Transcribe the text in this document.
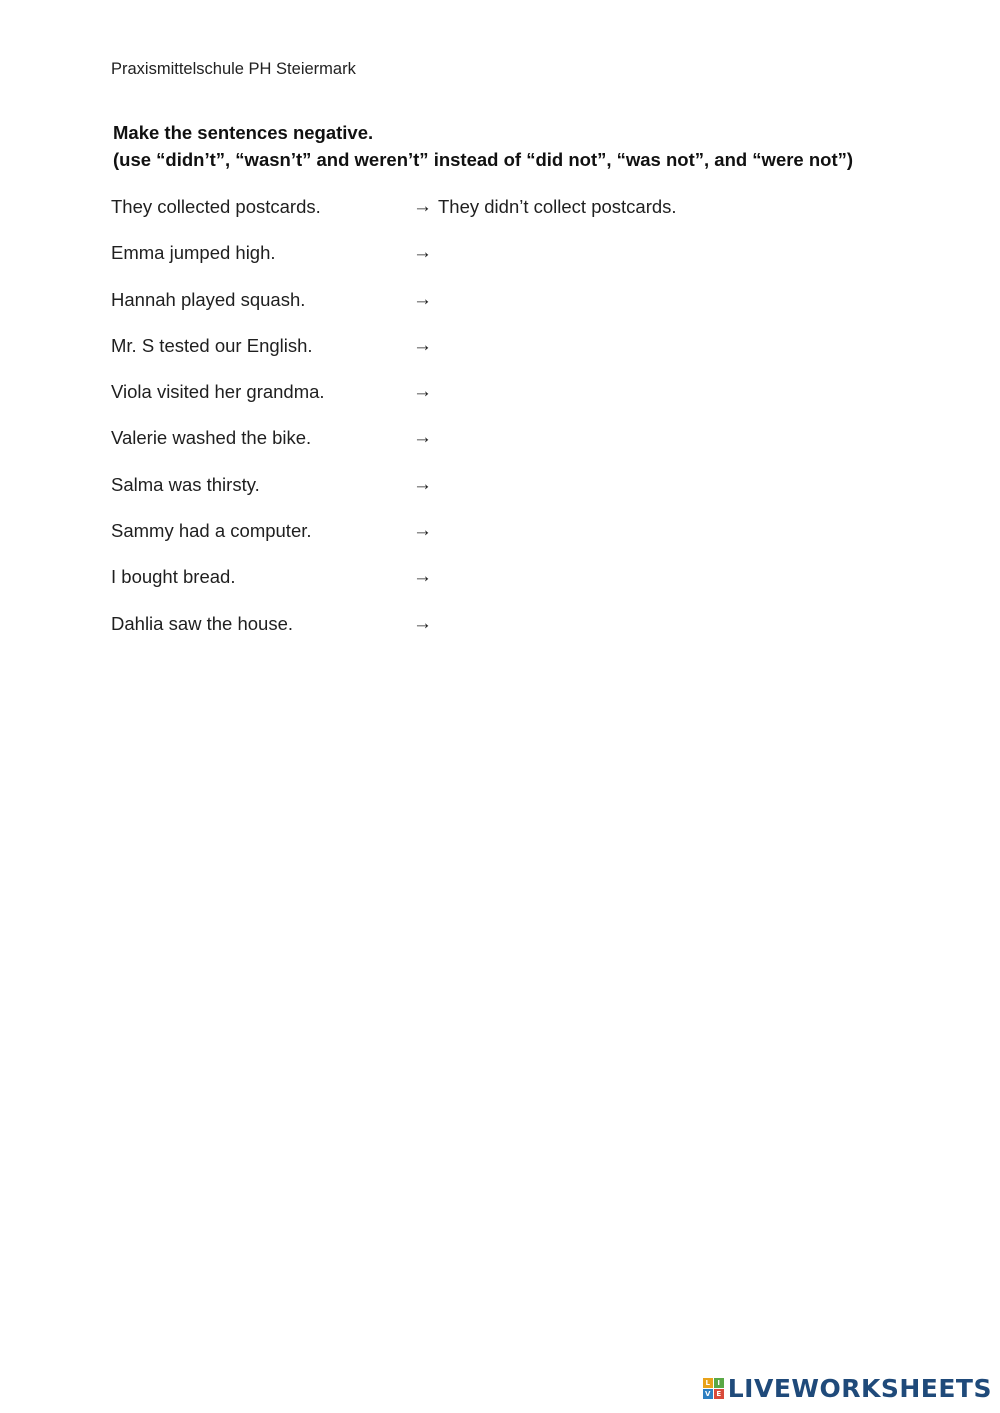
Praxismittelschule PH Steiermark
Make the sentences negative.
(use “didn’t”, “wasn’t” and weren’t” instead of “did not”, “was not”, and “were not”)
They collected postcards.	→ They didn’t collect postcards.
Emma jumped high.	→
Hannah played squash.	→
Mr. S tested our English.	→
Viola visited her grandma.	→
Valerie washed the bike.	→
Salma was thirsty.	→
Sammy had a computer.	→
I bought bread.	→
Dahlia saw the house.	→
L	I
V E LIVEWORKSHEETS
